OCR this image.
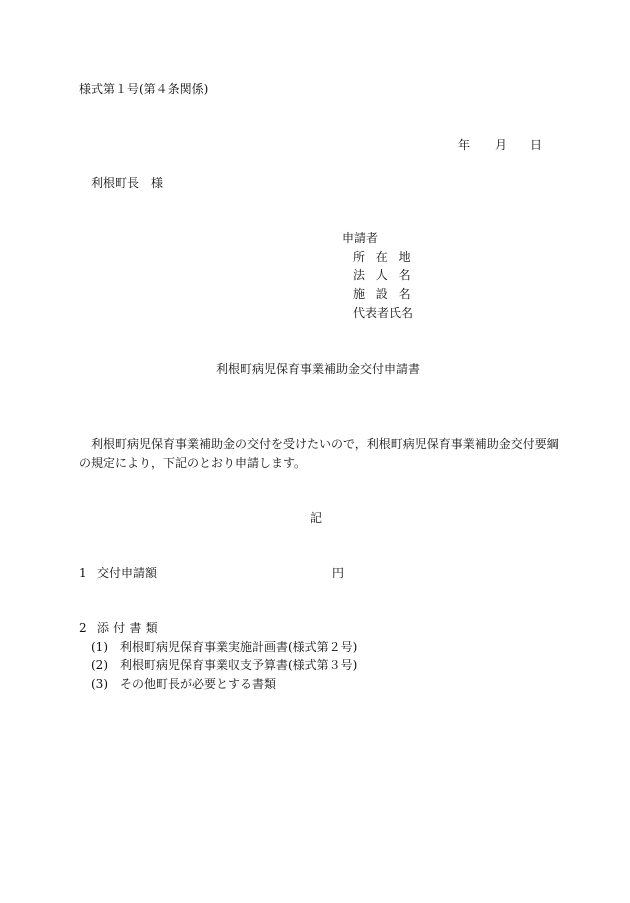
様式第１号(第４条関係)
年 月 日
利根町長　様
申請者
所在地
法人名
施設名
代表者氏名
利根町病児保育事業補助金交付申請書
利根町病児保育事業補助金の交付を受けたいので，利根町病児保育事業補助金交付要綱
の規定により，下記のとおり申請します。
記
1 交付申請額	円
2 添付書類
(1) 利根町病児保育事業実施計画書(様式第２号)
(2) 利根町病児保育事業収支予算書(様式第３号)
(3) その他町長が必要とする書類
